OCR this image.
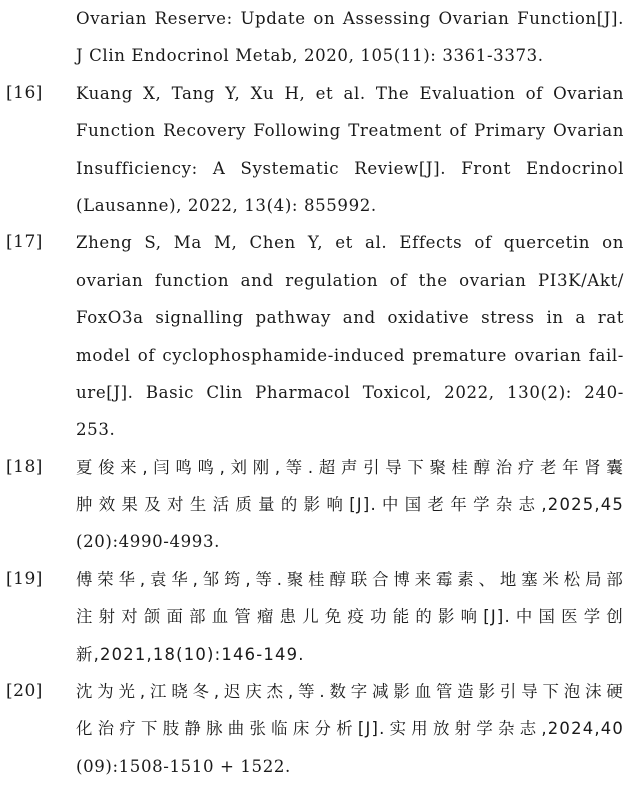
Ovarian Reserve: Update on Assessing Ovarian Function[J].
J Clin Endocrinol Metab, 2020, 105(11): 3361-3373.
[16] Kuang X, Tang Y, Xu H, et al. The Evaluation of Ovarian
Function Recovery Following Treatment of Primary Ovarian
Insufficiency: A Systematic Review[J]. Front Endocrinol
(Lausanne), 2022, 13(4): 855992.
[17] Zheng S, Ma M, Chen Y, et al. Effects of quercetin on
ovarian function and regulation of the ovarian PI3K/Akt/
FoxO3a signalling pathway and oxidative stress in a rat
model of cyclophosphamide-induced premature ovarian fail-
ure[J]. Basic Clin Pharmacol Toxicol, 2022, 130(2): 240-
253.
[18] 夏俊来,闫鸣鸣,刘刚,等.超声引导下聚桂醇治疗老年肾囊
肿效果及对生活质量的影响[J].中国老年学杂志,2025,45
(20):4990-4993.
[19] 傅荣华,袁华,邹筠,等.聚桂醇联合博来霉素、地塞米松局部
注射对颌面部血管瘤患儿免疫功能的影响[J].中国医学创
新,2021,18(10):146-149.
[20] 沈为光,江晓冬,迟庆杰,等.数字减影血管造影引导下泡沫硬
化治疗下肢静脉曲张临床分析[J].实用放射学杂志,2024,40
(09):1508-1510 + 1522.
